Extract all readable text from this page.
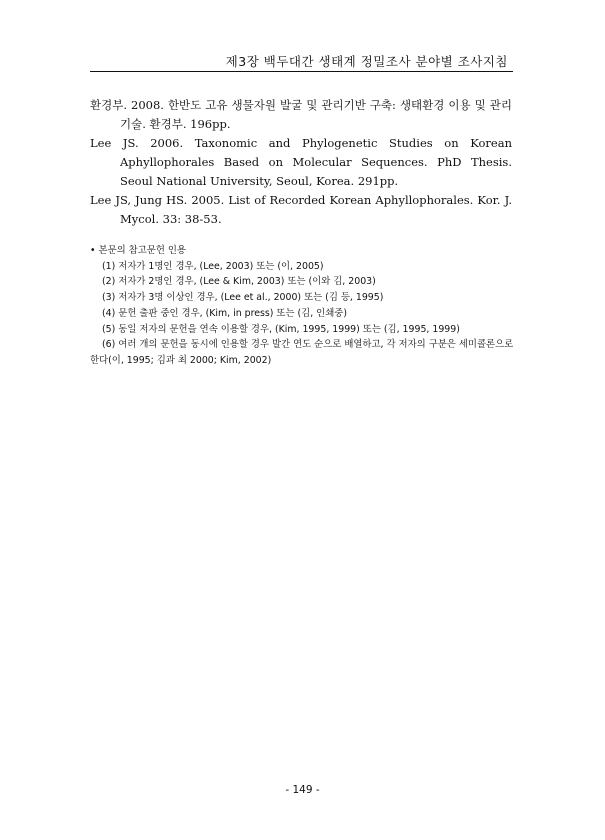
제3장 백두대간 생태계 정밀조사 분야별 조사지침

환경부. 2008. 한반도 고유 생물자원 발굴 및 관리기반 구축: 생태환경 이용 및 관리기술. 환경부. 196pp.

Lee JS. 2006. Taxonomic and Phylogenetic Studies on Korean Aphyllophorales Based on Molecular Sequences. PhD Thesis. Seoul National University, Seoul, Korea. 291pp.

Lee JS, Jung HS. 2005. List of Recorded Korean Aphyllophorales. Kor. J. Mycol. 33: 38-53.

• 본문의 참고문헌 인용

(1) 저자가 1명인 경우, (Lee, 2003) 또는 (이, 2005)

(2) 저자가 2명인 경우, (Lee & Kim, 2003) 또는 (이와 김, 2003)

(3) 저자가 3명 이상인 경우, (Lee et al., 2000) 또는 (김 등, 1995)

(4) 문헌 출판 중인 경우, (Kim, in press) 또는 (김, 인쇄중)

(5) 동일 저자의 문헌을 연속 이용할 경우, (Kim, 1995, 1999) 또는 (김, 1995, 1999)

(6) 여러 개의 문헌을 동시에 인용할 경우 발간 연도 순으로 배열하고, 각 저자의 구분은 세미콜론으로 한다(이, 1995; 김과 최 2000; Kim, 2002)

- 149 -
